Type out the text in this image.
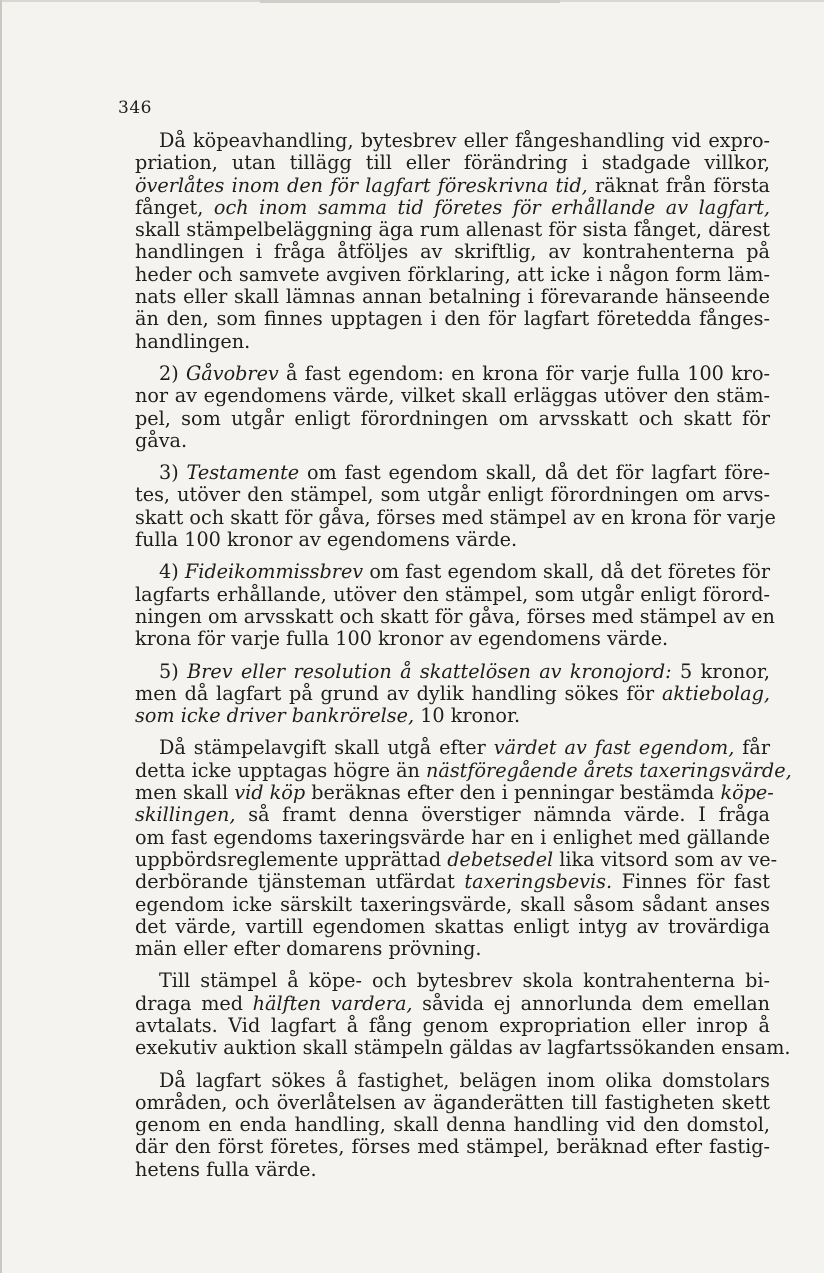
346

Då köpeavhandling, bytesbrev eller fångeshandling vid expro-
priation, utan tillägg till eller förändring i stadgade villkor,
överlåtes inom den för lagfart föreskrivna tid, räknat från första
fånget, och inom samma tid företes för erhållande av lagfart,
skall stämpelbeläggning äga rum allenast för sista fånget, därest
handlingen i fråga åtföljes av skriftlig, av kontrahenterna på
heder och samvete avgiven förklaring, att icke i någon form läm-
nats eller skall lämnas annan betalning i förevarande hänseende
än den, som finnes upptagen i den för lagfart företedda fånges-
handlingen.

2) Gåvobrev å fast egendom: en krona för varje fulla 100 kro-
nor av egendomens värde, vilket skall erläggas utöver den stäm-
pel, som utgår enligt förordningen om arvsskatt och skatt för
gåva.

3) Testamente om fast egendom skall, då det för lagfart före-
tes, utöver den stämpel, som utgår enligt förordningen om arvs-
skatt och skatt för gåva, förses med stämpel av en krona för varje
fulla 100 kronor av egendomens värde.

4) Fideikommissbrev om fast egendom skall, då det företes för
lagfarts erhållande, utöver den stämpel, som utgår enligt förord-
ningen om arvsskatt och skatt för gåva, förses med stämpel av en
krona för varje fulla 100 kronor av egendomens värde.

5) Brev eller resolution å skattelösen av kronojord: 5 kronor,
men då lagfart på grund av dylik handling sökes för aktiebolag,
som icke driver bankrörelse, 10 kronor.

Då stämpelavgift skall utgå efter värdet av fast egendom, får
detta icke upptagas högre än nästföregående årets taxeringsvärde,
men skall vid köp beräknas efter den i penningar bestämda köpe-
skillingen, så framt denna överstiger nämnda värde. I fråga
om fast egendoms taxeringsvärde har en i enlighet med gällande
uppbördsreglemente upprättad debetsedel lika vitsord som av ve-
derbörande tjänsteman utfärdat taxeringsbevis. Finnes för fast
egendom icke särskilt taxeringsvärde, skall såsom sådant anses
det värde, vartill egendomen skattas enligt intyg av trovärdiga
män eller efter domarens prövning.

Till stämpel å köpe- och bytesbrev skola kontrahenterna bi-
draga med hälften vardera, såvida ej annorlunda dem emellan
avtalats. Vid lagfart å fång genom expropriation eller inrop å
exekutiv auktion skall stämpeln gäldas av lagfartssökanden ensam.

Då lagfart sökes å fastighet, belägen inom olika domstolars
områden, och överlåtelsen av äganderätten till fastigheten skett
genom en enda handling, skall denna handling vid den domstol,
där den först företes, förses med stämpel, beräknad efter fastig-
hetens fulla värde.
